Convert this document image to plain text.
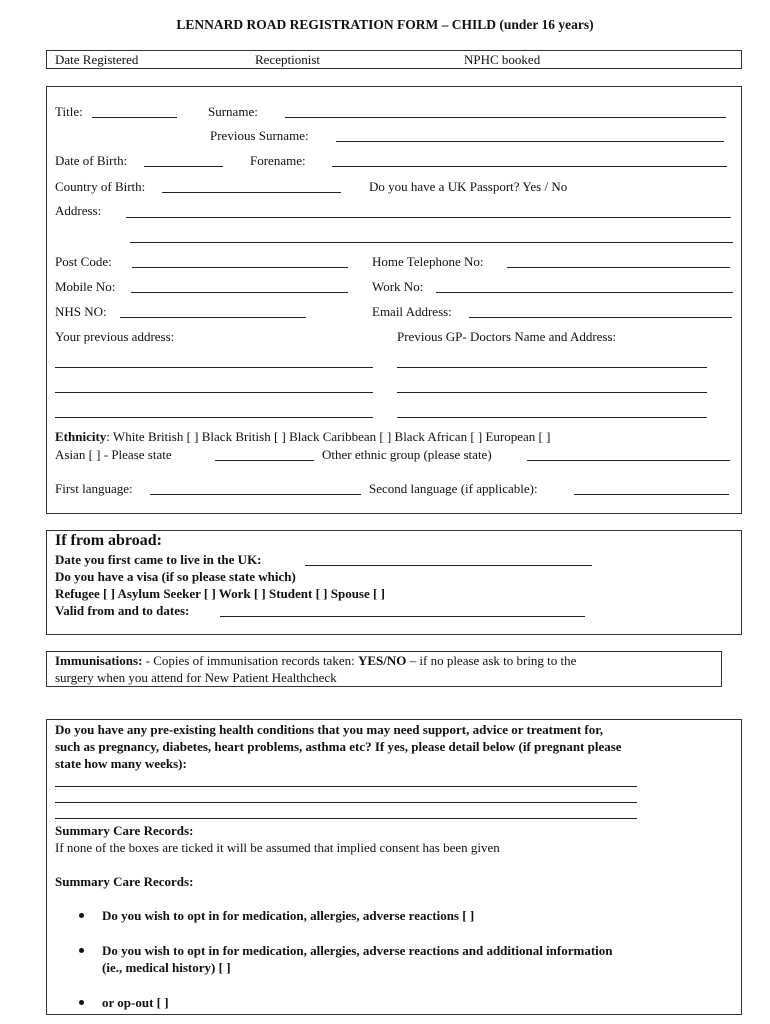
LENNARD ROAD REGISTRATION FORM – CHILD (under 16 years)
Date Registered	Receptionist	NPHC booked
Title:	Surname:
Previous Surname:
Date of Birth:	Forename:
Country of Birth:	Do you have a UK Passport? Yes / No
Address:
Post Code:	Home Telephone No:
Mobile No:	Work No:
NHS NO:	Email Address:
Your previous address:	Previous GP- Doctors Name and Address:
Ethnicity: White British [ ] Black British [ ] Black Caribbean [ ] Black African [ ] European [ ]
Asian [ ] - Please state	Other ethnic group (please state)
First language:	Second language (if applicable):
If from abroad:
Date you first came to live in the UK:
Do you have a visa (if so please state which)
Refugee [ ] Asylum Seeker [ ] Work [ ] Student [ ] Spouse [ ]
Valid from and to dates:
Immunisations: - Copies of immunisation records taken: YES/NO – if no please ask to bring to the
surgery when you attend for New Patient Healthcheck
Do you have any pre-existing health conditions that you may need support, advice or treatment for,
such as pregnancy, diabetes, heart problems, asthma etc? If yes, please detail below (if pregnant please
state how many weeks):
Summary Care Records:
If none of the boxes are ticked it will be assumed that implied consent has been given
Summary Care Records:
Do you wish to opt in for medication, allergies, adverse reactions [ ]
Do you wish to opt in for medication, allergies, adverse reactions and additional information
(ie., medical history) [ ]
or op-out [ ]
